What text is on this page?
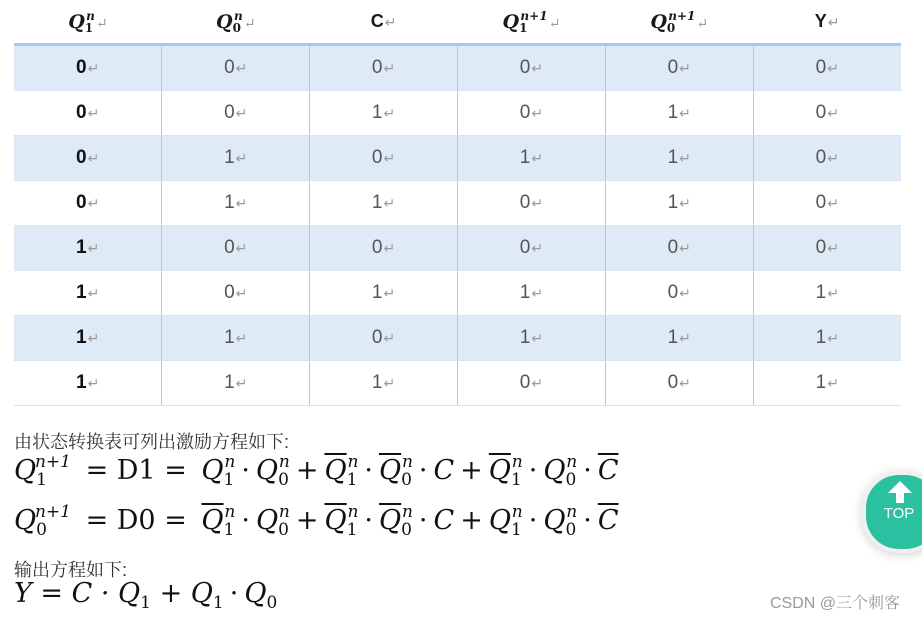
$Q_1^n↵$	$Q_0^n↵$	C↵	$Q_1^{n+1}↵$	$Q_0^{n+1}↵$	Y↵
0↵	0↵	0↵	0↵	0↵	0↵
0↵	0↵	1↵	0↵	1↵	0↵
0↵	1↵	0↵	1↵	1↵	0↵
0↵	1↵	1↵	0↵	1↵	0↵
1↵	0↵	0↵	0↵	0↵	0↵
1↵	0↵	1↵	1↵	0↵	1↵
1↵	1↵	0↵	1↵	1↵	1↵
1↵	1↵	1↵	0↵	0↵	1↵
由状态转换表可列出激励方程如下:
$Q_1^{n+1} = D1 = Q_1^n \cdot Q_0^n + \overline{Q}_1^n \cdot \overline{Q}_0^n \cdot C + \overline{Q}_1^n \cdot Q_0^n \cdot \overline{C}$
$Q_0^{n+1} = D0 = \overline{Q}_1^n \cdot Q_0^n + \overline{Q}_1^n \cdot \overline{Q}_0^n \cdot C + Q_1^n \cdot Q_0^n \cdot \overline{C}$
输出方程如下:
$Y = C \cdot Q_1 + Q_1 \cdot Q_0$
TOP
CSDN @三个刺客
